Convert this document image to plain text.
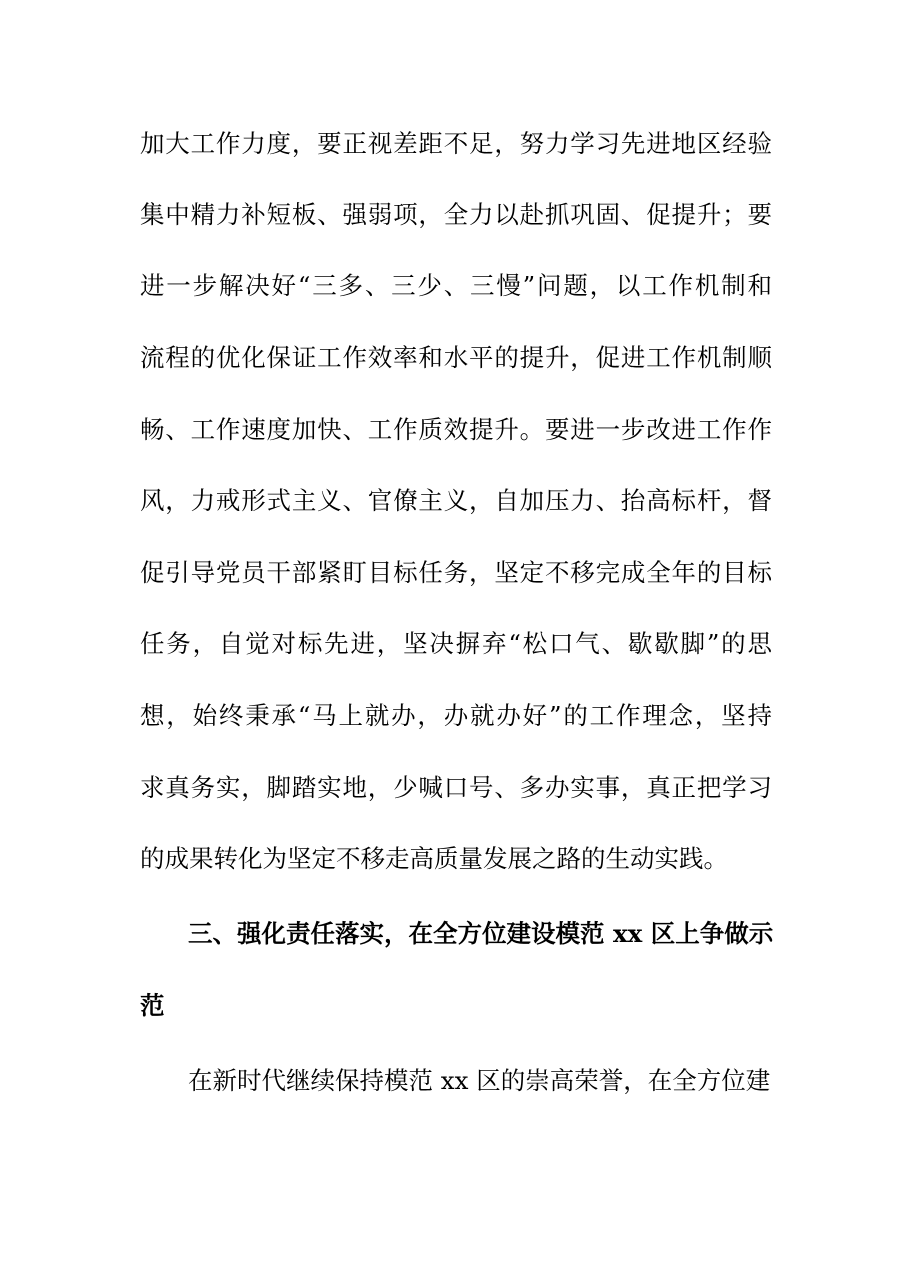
加大工作力度，要正视差距不足，努力学习先进地区经验
集中精力补短板、强弱项，全力以赴抓巩固、促提升；要
进一步解决好“三多、三少、三慢”问题，以工作机制和
流程的优化保证工作效率和水平的提升，促进工作机制顺
畅、工作速度加快、工作质效提升。要进一步改进工作作
风，力戒形式主义、官僚主义，自加压力、抬高标杆，督
促引导党员干部紧盯目标任务，坚定不移完成全年的目标
任务，自觉对标先进，坚决摒弃“松口气、歇歇脚”的思
想，始终秉承“马上就办，办就办好”的工作理念，坚持
求真务实，脚踏实地，少喊口号、多办实事，真正把学习
的成果转化为坚定不移走高质量发展之路的生动实践。
三、强化责任落实，在全方位建设模范 xx 区上争做示
范
在新时代继续保持模范 xx 区的崇高荣誉，在全方位建
